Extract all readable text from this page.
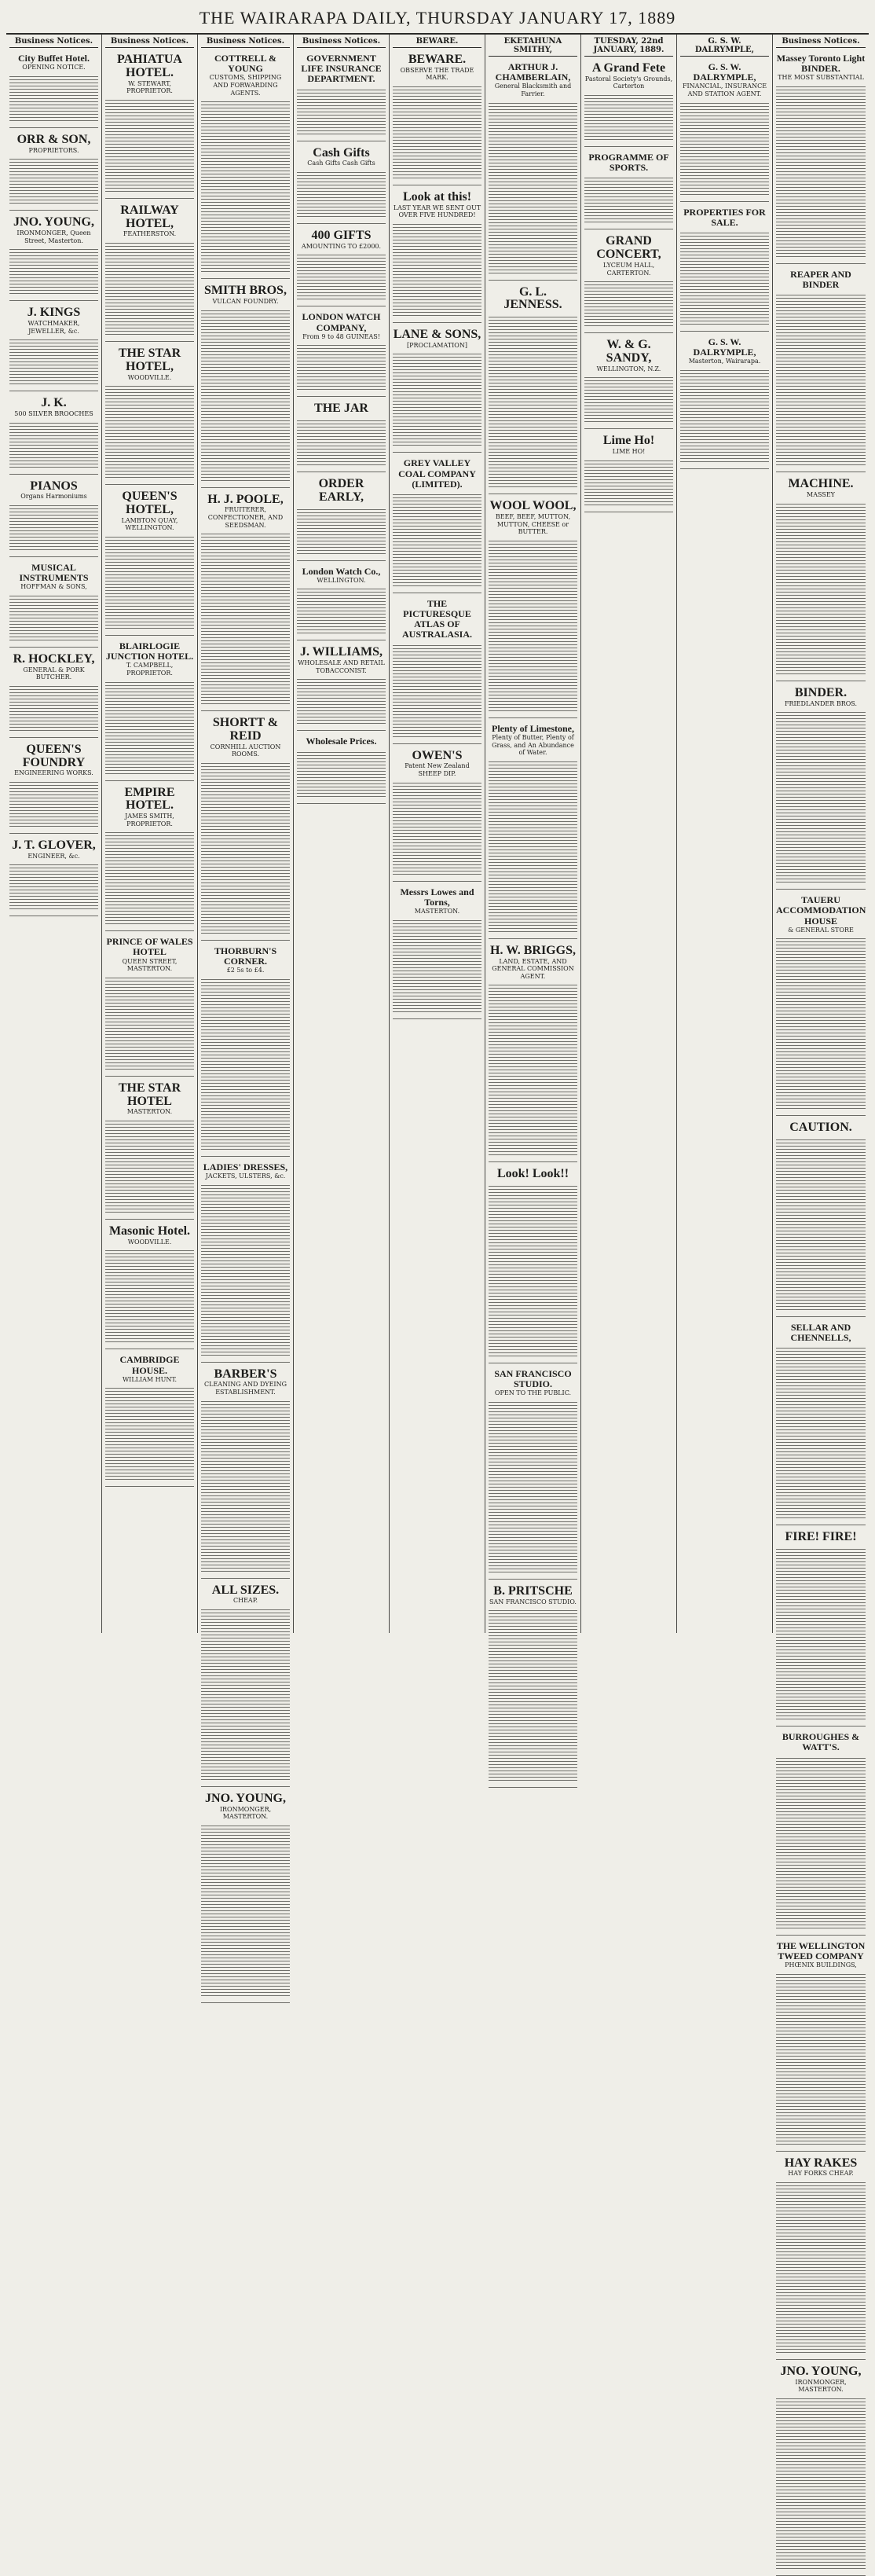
THE WAIRARAPA DAILY, THURSDAY JANUARY 17, 1889
Business Notices.
City Buffet Hotel.
OPENING NOTICE.
ORR & SON,
PROPRIETORS.
JNO. YOUNG,
IRONMONGER, Queen Street, Masterton.
J. KINGS
WATCHMAKER, JEWELLER, &c.
J. K.
500 SILVER BROOCHES
PIANOS
Organs Harmoniums
MUSICAL INSTRUMENTS
HOFFMAN & SONS,
R. HOCKLEY,
GENERAL & PORK BUTCHER.
QUEEN'S FOUNDRY
ENGINEERING WORKS.
J. T. GLOVER,
ENGINEER, &c.
Business Notices.
PAHIATUA HOTEL.
W. STEWART, PROPRIETOR.
RAILWAY HOTEL,
FEATHERSTON.
THE STAR HOTEL,
WOODVILLE.
QUEEN'S HOTEL,
LAMBTON QUAY, WELLINGTON.
BLAIRLOGIE JUNCTION HOTEL.
T. CAMPBELL, PROPRIETOR.
EMPIRE HOTEL.
JAMES SMITH, PROPRIETOR.
PRINCE OF WALES HOTEL
QUEEN STREET, MASTERTON.
THE STAR HOTEL
MASTERTON.
Masonic Hotel.
WOODVILLE.
CAMBRIDGE HOUSE.
WILLIAM HUNT.
Business Notices.
COTTRELL & YOUNG
CUSTOMS, SHIPPING AND FORWARDING AGENTS.
SMITH BROS,
VULCAN FOUNDRY.
H. J. POOLE,
FRUITERER, CONFECTIONER, AND SEEDSMAN.
SHORTT & REID
CORNHILL AUCTION ROOMS.
THORBURN'S CORNER.
£2 5s to £4.
LADIES' DRESSES,
JACKETS, ULSTERS, &c.
BARBER'S
CLEANING AND DYEING ESTABLISHMENT.
ALL SIZES.
CHEAP.
JNO. YOUNG,
IRONMONGER, MASTERTON.
Business Notices.
GOVERNMENT LIFE INSURANCE DEPARTMENT.
Cash Gifts
Cash Gifts Cash Gifts
400 GIFTS
AMOUNTING TO £2000.
LONDON WATCH COMPANY,
From 9 to 48 GUINEAS!
THE JAR
ORDER EARLY,
London Watch Co.,
WELLINGTON.
J. WILLIAMS,
WHOLESALE AND RETAIL TOBACCONIST.
Wholesale Prices.
BEWARE.
BEWARE.
OBSERVE THE TRADE MARK.
Look at this!
LAST YEAR WE SENT OUT OVER FIVE HUNDRED!
LANE & SONS,
[PROCLAMATION]
GREY VALLEY COAL COMPANY (LIMITED).
THE PICTURESQUE ATLAS OF AUSTRALASIA.
OWEN'S
Patent New Zealand SHEEP DIP.
Messrs Lowes and Torns,
MASTERTON.
EKETAHUNA SMITHY,
ARTHUR J. CHAMBERLAIN,
General Blacksmith and Farrier.
G. L. JENNESS.
WOOL WOOL,
BEEF, BEEF, MUTTON, MUTTON, CHEESE or BUTTER.
Plenty of Limestone,
Plenty of Butter, Plenty of Grass, and An Abundance of Water.
H. W. BRIGGS,
LAND, ESTATE, AND GENERAL COMMISSION AGENT.
Look! Look!!
SAN FRANCISCO STUDIO.
OPEN TO THE PUBLIC.
B. PRITSCHE
SAN FRANCISCO STUDIO.
TUESDAY, 22nd JANUARY, 1889.
A Grand Fete
Pastoral Society's Grounds, Carterton
PROGRAMME OF SPORTS.
GRAND CONCERT,
LYCEUM HALL, CARTERTON.
W. & G. SANDY,
WELLINGTON, N.Z.
Lime Ho!
LIME HO!
G. S. W. DALRYMPLE,
G. S. W. DALRYMPLE,
FINANCIAL, INSURANCE AND STATION AGENT.
PROPERTIES FOR SALE.
G. S. W. DALRYMPLE,
Masterton, Wairarapa.
Business Notices.
Massey Toronto Light BINDER.
THE MOST SUBSTANTIAL
REAPER AND BINDER
MACHINE.
MASSEY
BINDER.
FRIEDLANDER BROS.
TAUERU ACCOMMODATION HOUSE
& GENERAL STORE
CAUTION.
SELLAR AND CHENNELLS,
FIRE! FIRE!
BURROUGHES & WATT'S.
THE WELLINGTON TWEED COMPANY
PHŒNIX BUILDINGS,
HAY RAKES
HAY FORKS CHEAP.
JNO. YOUNG,
IRONMONGER, MASTERTON.
